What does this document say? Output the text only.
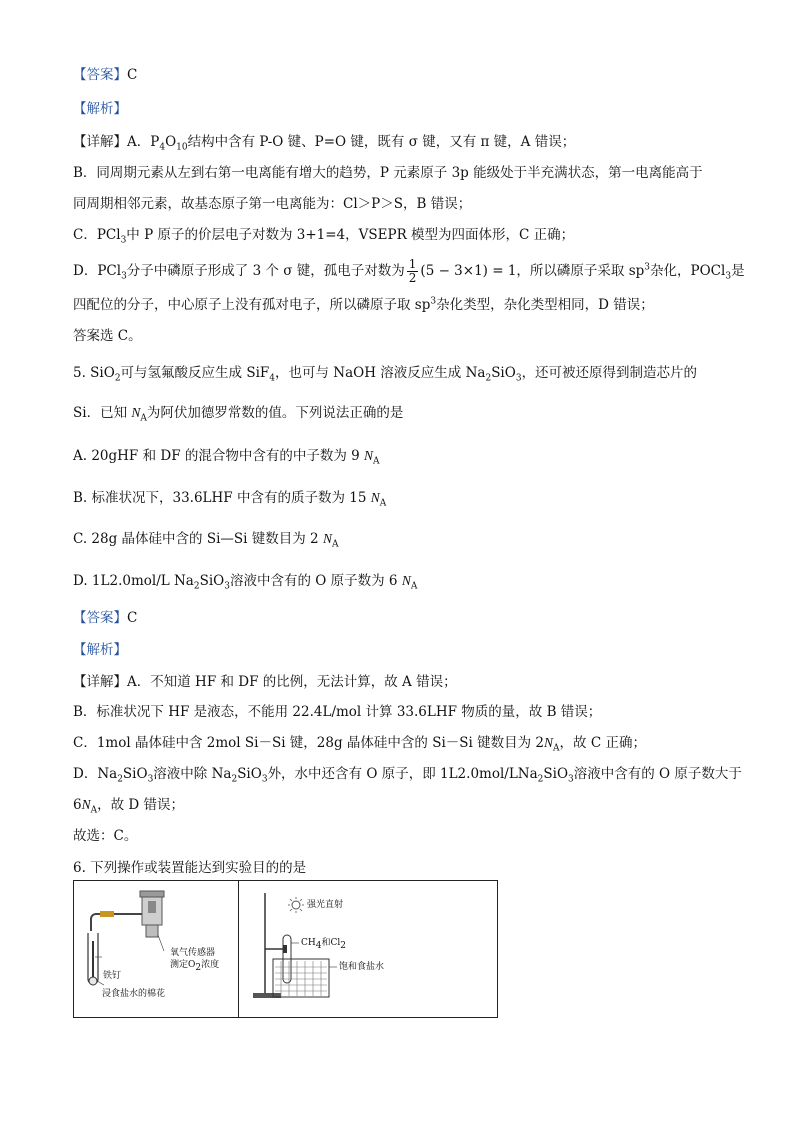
【答案】C
【解析】
【详解】A．$P_4O_{10}$结构中含有 P-O 键、P=O 键，既有 σ 键，又有 π 键，A 错误；
B．同周期元素从左到右第一电离能有增大的趋势，P 元素原子 3p 能级处于半充满状态，第一电离能高于
同周期相邻元素，故基态原子第一电离能为：Cl＞P＞S，B 错误；
C．PCl$_3$中 P 原子的价层电子对数为 3+1=4，VSEPR 模型为四面体形，C 正确；
D．PCl$_3$分子中磷原子形成了 3 个 σ 键，孤电子对数为 $\frac{1}{2} (5 - 3\times 1) = 1$，所以磷原子采取 $sp^3$杂化，POCl$_3$是
四配位的分子，中心原子上没有孤对电子，所以磷原子取 $sp^3$杂化类型，杂化类型相同，D 错误；
答案选 C。
5. SiO$_2$可与氢氟酸反应生成 SiF$_4$，也可与 NaOH 溶液反应生成 $Na_2SiO_3$，还可被还原得到制造芯片的
Si．已知 $N_A$为阿伏加德罗常数的值。下列说法正确的是
A. 20gHF 和 DF 的混合物中含有的中子数为 9 $N_A$
B. 标准状况下，33.6LHF 中含有的质子数为 15 $N_A$
C. 28g 晶体硅中含的 Si—Si 键数目为 2 $N_A$
D. 1L2.0mol/L $Na_2SiO_3$溶液中含有的 O 原子数为 6 $N_A$
【答案】C
【解析】
【详解】A．不知道 HF 和 DF 的比例，无法计算，故 A 错误；
B．标准状况下 HF 是液态，不能用 22.4L/mol 计算 33.6LHF 物质的量，故 B 错误；
C．1mol 晶体硅中含 2mol Si－Si 键，28g 晶体硅中含的 Si－Si 键数目为 $2N_A$，故 C 正确；
D．$Na_2SiO_3$溶液中除 $Na_2SiO_3$外，水中还含有 O 原子，即 1L2.0mol/LNa$_2$SiO$_3$溶液中含有的 O 原子数大于
$6N_A$，故 D 错误；
故选：C。
6. 下列操作或装置能达到实验目的的是
氧气传感器
测定$O_2$浓度
铁钉
浸食盐水的棉花
强光直射
$CH_4$和$Cl_2$
饱和食盐水
